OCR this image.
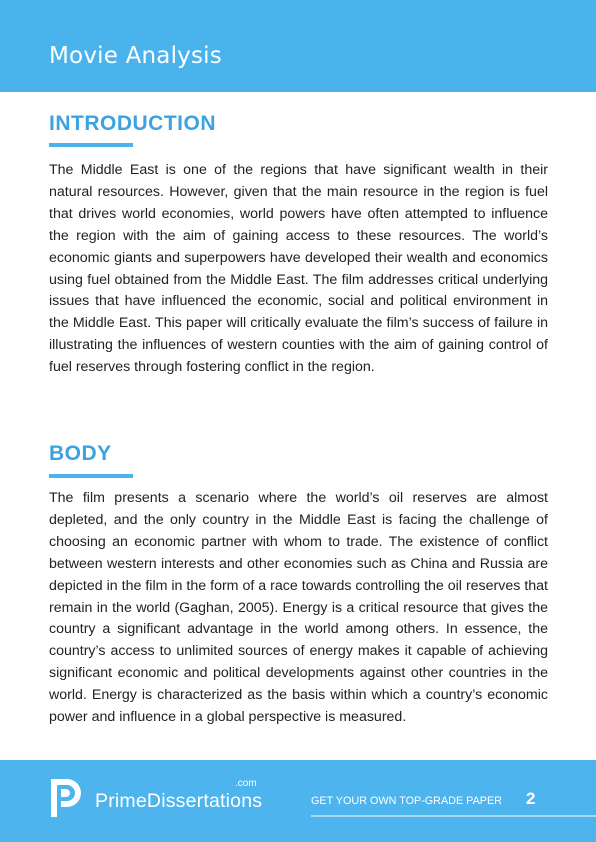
Movie Analysis
INTRODUCTION

The Middle East is one of the regions that have significant wealth in their natural resources. However, given that the main resource in the region is fuel that drives world economies, world powers have often attempted to influence the region with the aim of gaining access to these resources. The world’s economic giants and superpowers have developed their wealth and economics using fuel obtained from the Middle East. The film addresses critical underlying issues that have influenced the economic, social and political environment in the Middle East. This paper will critically evaluate the film’s success of failure in illustrating the influences of western counties with the aim of gaining control of fuel reserves through fostering conflict in the region.

BODY

The film presents a scenario where the world’s oil reserves are almost depleted, and the only country in the Middle East is facing the challenge of choosing an economic partner with whom to trade. The existence of conflict between western interests and other economies such as China and Russia are depicted in the film in the form of a race towards controlling the oil reserves that remain in the world (Gaghan, 2005). Energy is a critical resource that gives the country a significant advantage in the world among others. In essence, the country’s access to unlimited sources of energy makes it capable of achieving significant economic and political developments against other countries in the world. Energy is characterized as the basis within which a country’s economic power and influence in a global perspective is measured.

.com
PrimeDissertations	GET YOUR OWN TOP-GRADE PAPER 2
